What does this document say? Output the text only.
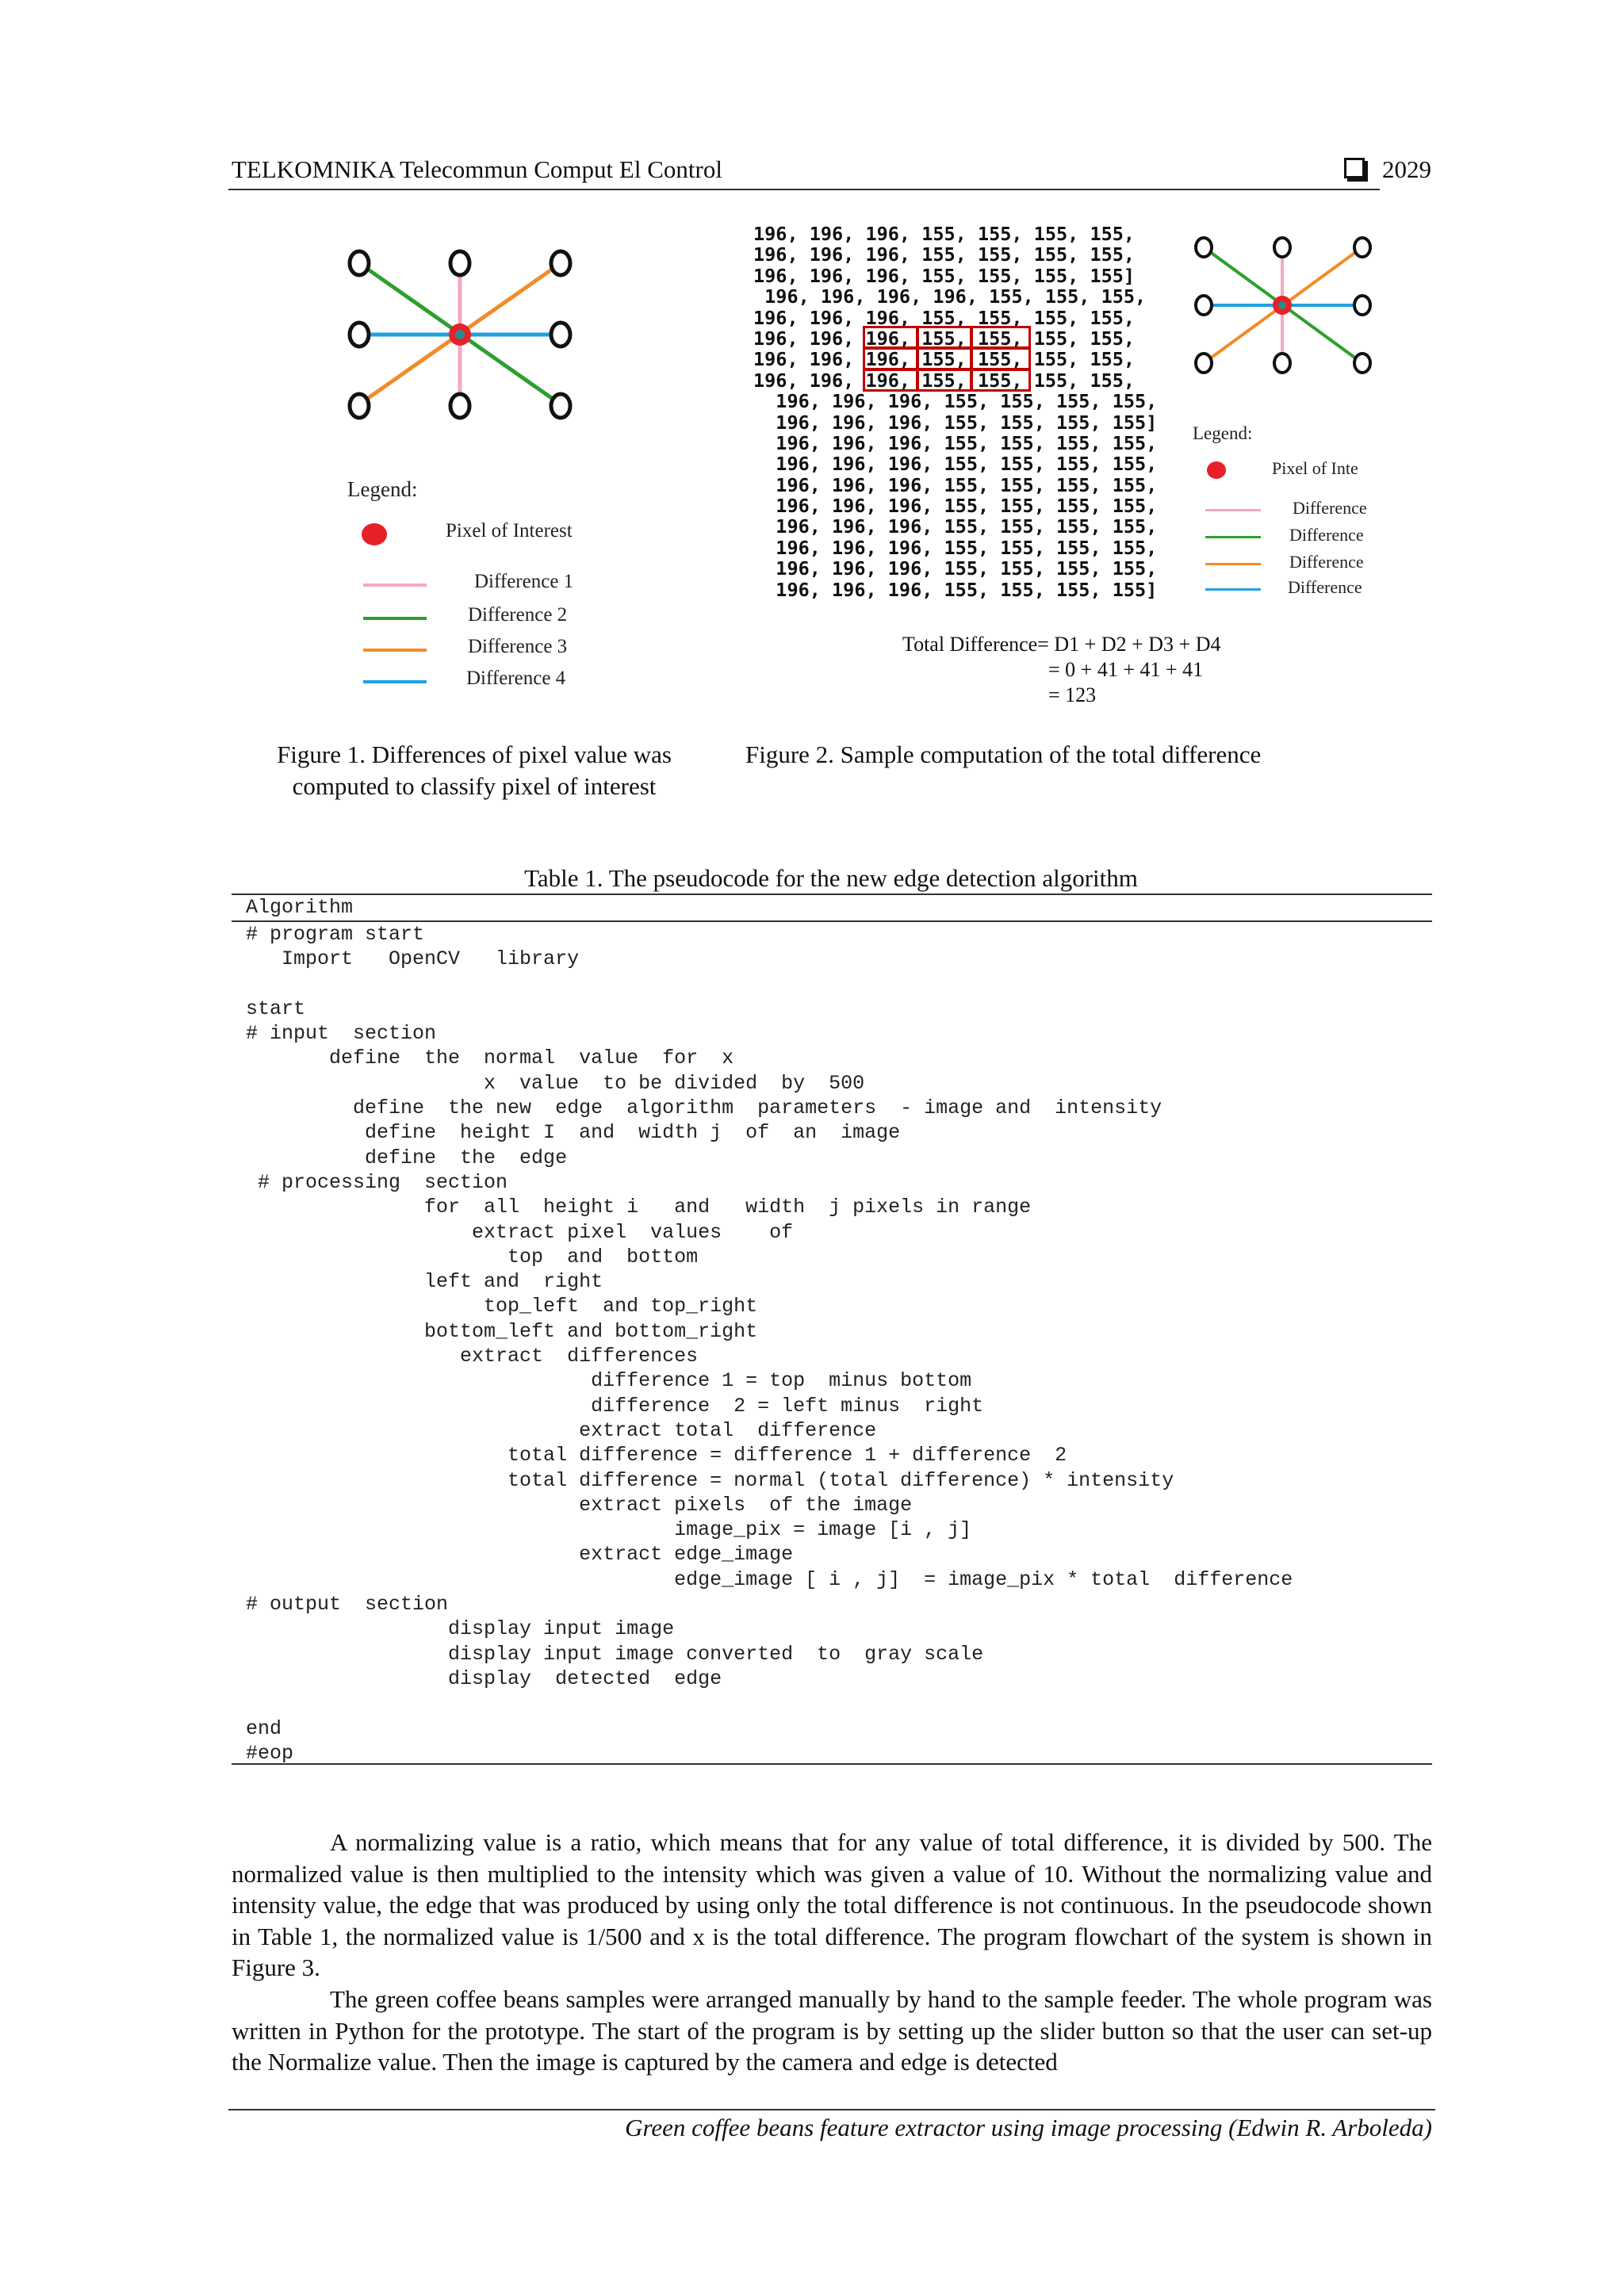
TELKOMNIKA Telecommun Comput El Control	2029
Legend:
Pixel of Interest
Difference 1
Difference 2
Difference 3
Difference 4
Figure 1. Differences of pixel value was computed to classify pixel of interest
196, 196, 196, 155, 155, 155, 155,
196, 196, 196, 155, 155, 155, 155,
196, 196, 196, 155, 155, 155, 155]
196, 196, 196, 196, 155, 155, 155,
196, 196, 196, 155, 155, 155, 155,
196, 196, 196, 155, 155, 155, 155,
196, 196, 196, 155, 155, 155, 155,
196, 196, 196, 155, 155, 155, 155,
196, 196, 196, 155, 155, 155, 155,
196, 196, 196, 155, 155, 155, 155]
196, 196, 196, 155, 155, 155, 155,
196, 196, 196, 155, 155, 155, 155,
196, 196, 196, 155, 155, 155, 155,
196, 196, 196, 155, 155, 155, 155,
196, 196, 196, 155, 155, 155, 155,
196, 196, 196, 155, 155, 155, 155,
196, 196, 196, 155, 155, 155, 155,
196, 196, 196, 155, 155, 155, 155]
Legend:
Pixel of Inte
Difference
Difference
Difference
Difference
Total Difference= D1 + D2 + D3 + D4
= 0 + 41 + 41 + 41
= 123
Figure 2. Sample computation of the total difference
Table 1. The pseudocode for the new edge detection algorithm
Algorithm
# program start
Import   OpenCV   library
start
# input  section
define  the  normal  value  for  x
x  value  to be divided  by  500
define  the new  edge  algorithm  parameters  - image and  intensity
define  height I  and  width j  of  an  image
define  the  edge
# processing  section
for  all  height i   and   width  j pixels in range
extract pixel  values    of
top  and  bottom
left and  right
top_left  and top_right
bottom_left and bottom_right
extract  differences
difference 1 = top  minus bottom
difference  2 = left minus  right
extract total  difference
total difference = difference 1 + difference  2
total difference = normal (total difference) * intensity
extract pixels  of the image
image_pix = image [i , j]
extract edge_image
edge_image [ i , j]  = image_pix * total  difference
# output  section
display input image
display input image converted  to  gray scale
display  detected  edge
end
#eop

A normalizing value is a ratio, which means that for any value of total difference, it is divided by 500. The normalized value is then multiplied to the intensity which was given a value of 10. Without the normalizing value and intensity value, the edge that was produced by using only the total difference is not continuous. In the pseudocode shown in Table 1, the normalized value is 1/500 and x is the total difference. The program flowchart of the system is shown in Figure 3.

The green coffee beans samples were arranged manually by hand to the sample feeder. The whole program was written in Python for the prototype. The start of the program is by setting up the slider button so that the user can set-up the Normalize value. Then the image is captured by the camera and edge is detected

Green coffee beans feature extractor using image processing (Edwin R. Arboleda)
